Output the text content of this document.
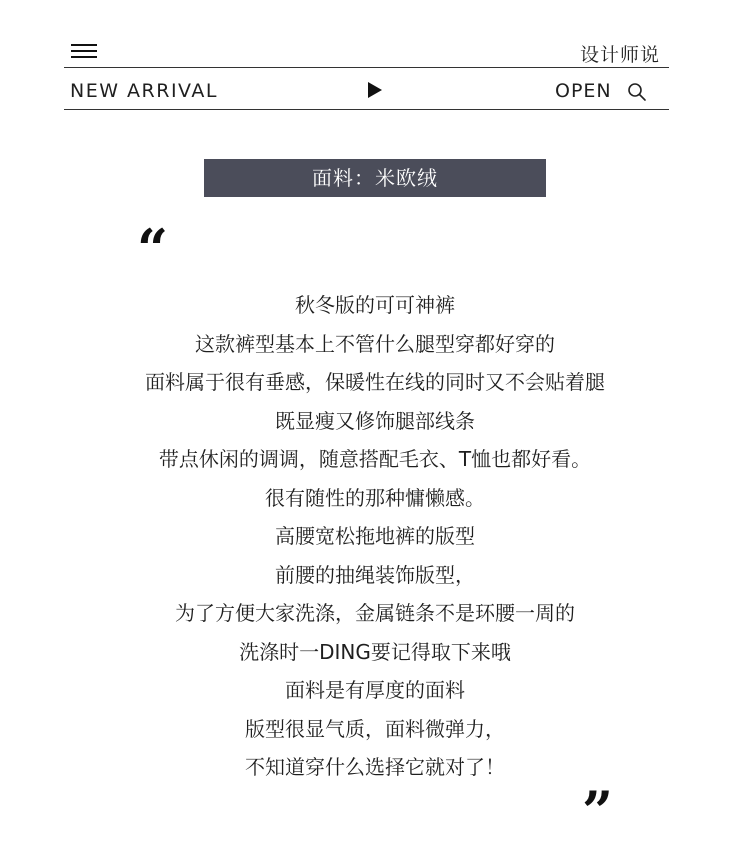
设计师说
NEW ARRIVAL	OPEN
面料：米欧绒
“
秋冬版的可可神裤
这款裤型基本上不管什么腿型穿都好穿的
面料属于很有垂感，保暖性在线的同时又不会贴着腿
既显瘦又修饰腿部线条
带点休闲的调调，随意搭配毛衣、T恤也都好看。
很有随性的那种慵懒感。
高腰宽松拖地裤的版型
前腰的抽绳装饰版型，
为了方便大家洗涤，金属链条不是环腰一周的
洗涤时一DING要记得取下来哦
面料是有厚度的面料
版型很显气质，面料微弹力，
不知道穿什么选择它就对了！
”
